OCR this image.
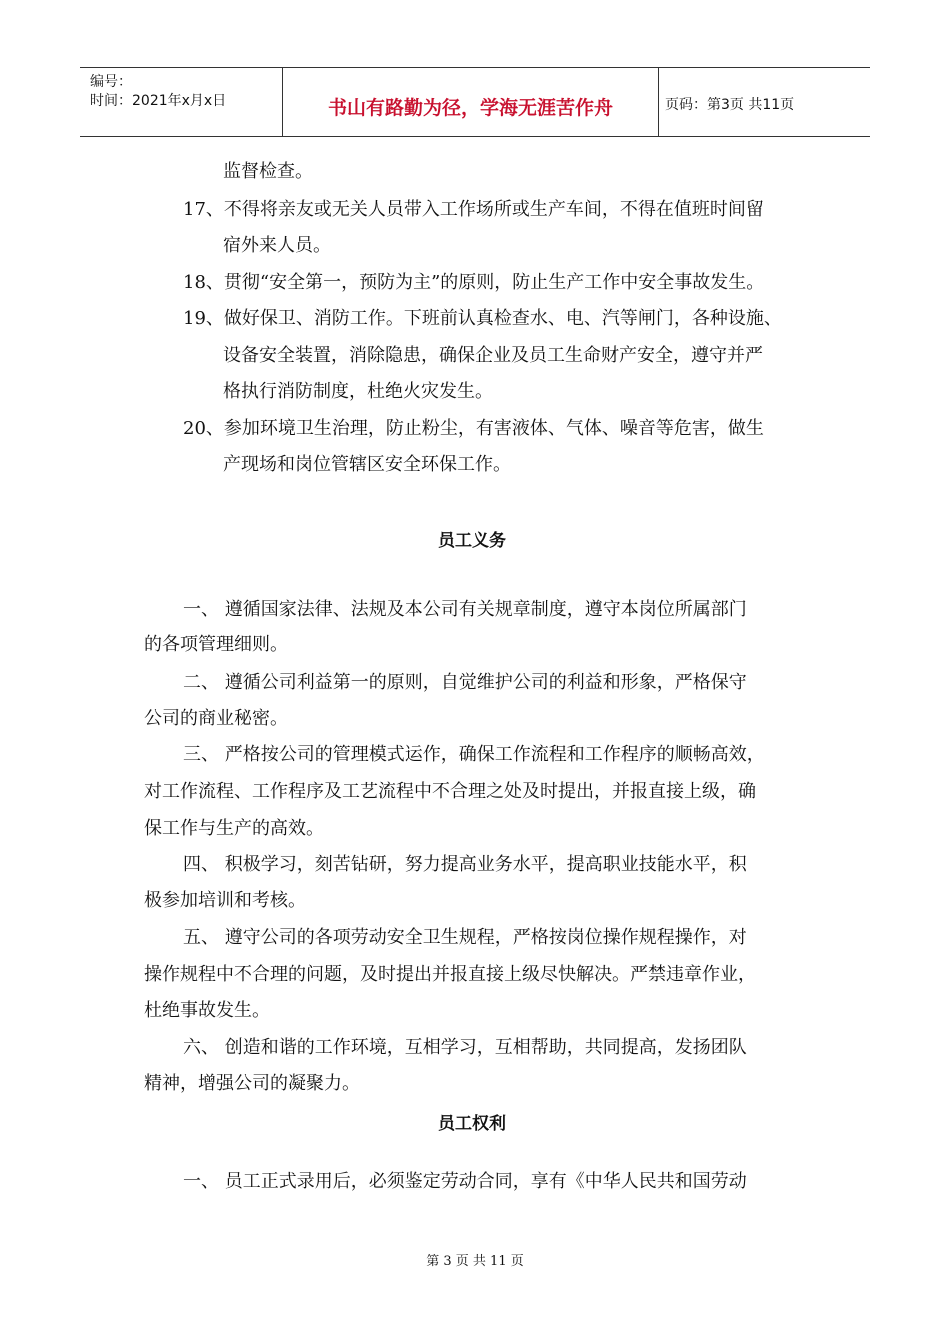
编号：
时间：2021年x月x日	书山有路勤为径，学海无涯苦作舟	页码：第3页 共11页
监督检查。
17、不得将亲友或无关人员带入工作场所或生产车间，不得在值班时间留
宿外来人员。
18、贯彻“安全第一，预防为主”的原则，防止生产工作中安全事故发生。
19、做好保卫、消防工作。下班前认真检查水、电、汽等闸门，各种设施、
设备安全装置，消除隐患，确保企业及员工生命财产安全，遵守并严
格执行消防制度，杜绝火灾发生。
20、参加环境卫生治理，防止粉尘，有害液体、气体、噪音等危害，做生
产现场和岗位管辖区安全环保工作。
员工义务
一、 遵循国家法律、法规及本公司有关规章制度，遵守本岗位所属部门
的各项管理细则。
二、 遵循公司利益第一的原则，自觉维护公司的利益和形象，严格保守
公司的商业秘密。
三、 严格按公司的管理模式运作，确保工作流程和工作程序的顺畅高效，
对工作流程、工作程序及工艺流程中不合理之处及时提出，并报直接上级，确
保工作与生产的高效。
四、 积极学习，刻苦钻研，努力提高业务水平，提高职业技能水平，积
极参加培训和考核。
五、 遵守公司的各项劳动安全卫生规程，严格按岗位操作规程操作，对
操作规程中不合理的问题，及时提出并报直接上级尽快解决。严禁违章作业，
杜绝事故发生。
六、 创造和谐的工作环境，互相学习，互相帮助，共同提高，发扬团队
精神，增强公司的凝聚力。
员工权利
一、 员工正式录用后，必须鉴定劳动合同，享有《中华人民共和国劳动
第 3 页 共 11 页
